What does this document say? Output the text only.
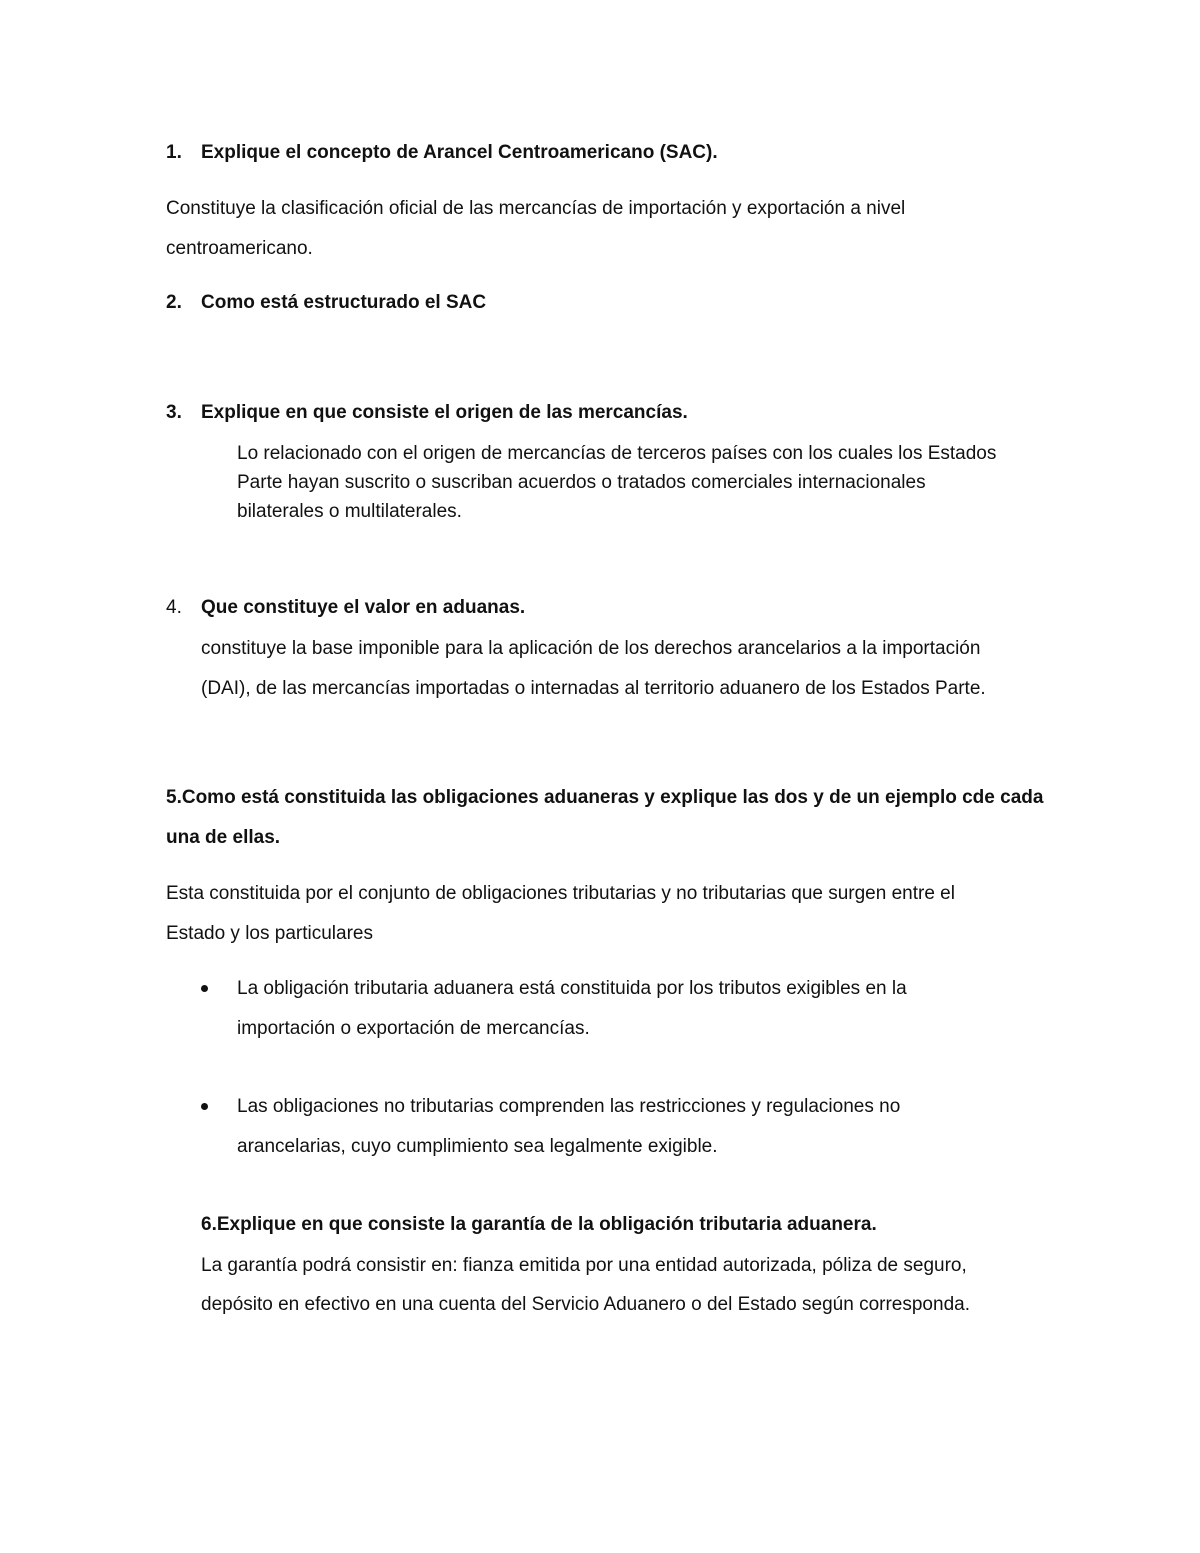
1. Explique el concepto de Arancel Centroamericano (SAC).
Constituye la clasificación oficial de las mercancías de importación y exportación a nivel
centroamericano.
2. Como está estructurado el SAC
3. Explique en que consiste el origen de las mercancías.
Lo relacionado con el origen de mercancías de terceros países con los cuales los Estados
Parte hayan suscrito o suscriban acuerdos o tratados comerciales internacionales
bilaterales o multilaterales.
4. Que constituye el valor en aduanas.
constituye la base imponible para la aplicación de los derechos arancelarios a la importación
(DAI), de las mercancías importadas o internadas al territorio aduanero de los Estados Parte.
5.Como está constituida las obligaciones aduaneras y explique las dos y de un ejemplo cde cada
una de ellas.
Esta constituida por el conjunto de obligaciones tributarias y no tributarias que surgen entre el
Estado y los particulares
La obligación tributaria aduanera está constituida por los tributos exigibles en la
importación o exportación de mercancías.
Las obligaciones no tributarias comprenden las restricciones y regulaciones no
arancelarias, cuyo cumplimiento sea legalmente exigible.
6.Explique en que consiste la garantía de la obligación tributaria aduanera.
La garantía podrá consistir en: fianza emitida por una entidad autorizada, póliza de seguro,
depósito en efectivo en una cuenta del Servicio Aduanero o del Estado según corresponda.
